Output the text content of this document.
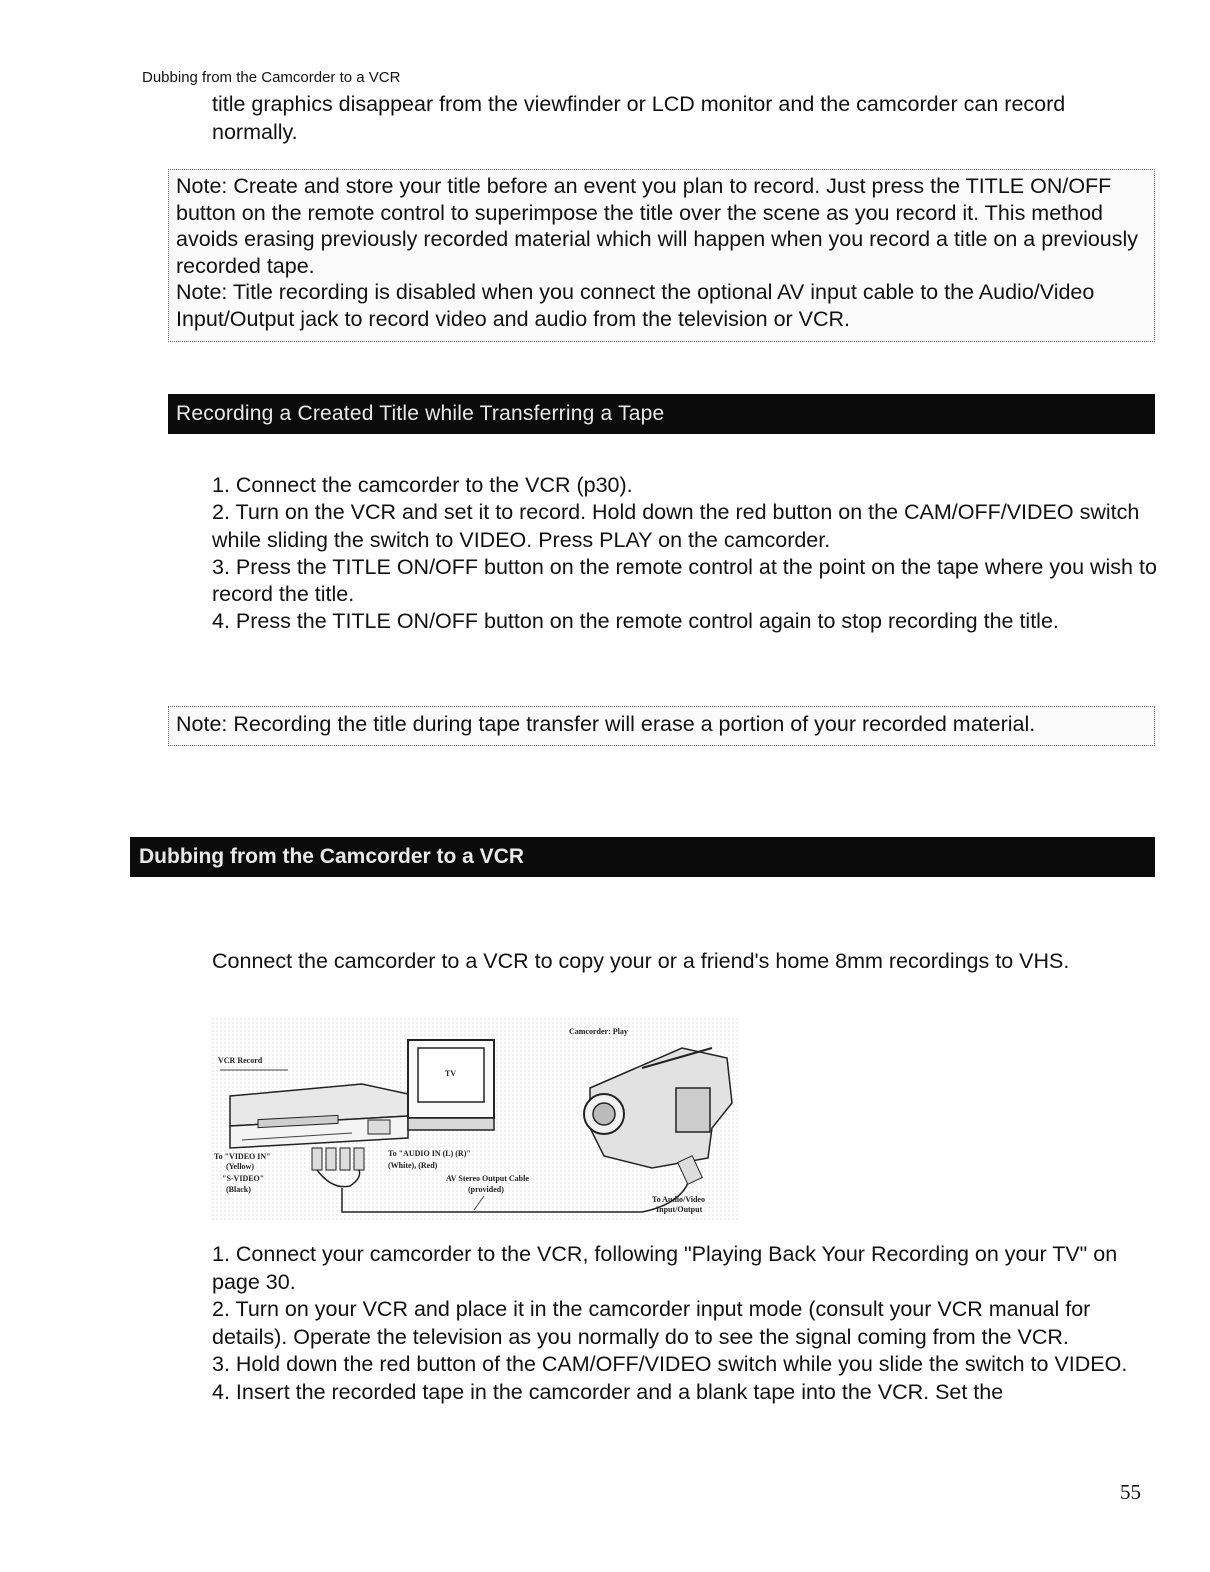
Dubbing from the Camcorder to a VCR
title graphics disappear from the viewfinder or LCD monitor and the camcorder can record normally.
Note: Create and store your title before an event you plan to record. Just press the TITLE ON/OFF button on the remote control to superimpose the title over the scene as you record it. This method avoids erasing previously recorded material which will happen when you record a title on a previously recorded tape.
Note: Title recording is disabled when you connect the optional AV input cable to the Audio/Video Input/Output jack to record video and audio from the television or VCR.
Recording a Created Title while Transferring a Tape
1. Connect the camcorder to the VCR (p30).
2. Turn on the VCR and set it to record. Hold down the red button on the CAM/OFF/VIDEO switch while sliding the switch to VIDEO. Press PLAY on the camcorder.
3. Press the TITLE ON/OFF button on the remote control at the point on the tape where you wish to record the title.
4. Press the TITLE ON/OFF button on the remote control again to stop recording the title.
Note: Recording the title during tape transfer will erase a portion of your recorded material.
Dubbing from the Camcorder to a VCR
Connect the camcorder to a VCR to copy your or a friend's home 8mm recordings to VHS.
VCR Record
TV
Camcorder: Play
To "VIDEO IN"
(Yellow)
"S-VIDEO"
(Black)
To "AUDIO IN (L) (R)"
(White), (Red)
AV Stereo Output Cable
(provided)
To Audio/Video
Input/Output
1. Connect your camcorder to the VCR, following "Playing Back Your Recording on your TV" on page 30.
2. Turn on your VCR and place it in the camcorder input mode (consult your VCR manual for details). Operate the television as you normally do to see the signal coming from the VCR.
3. Hold down the red button of the CAM/OFF/VIDEO switch while you slide the switch to VIDEO.
4. Insert the recorded tape in the camcorder and a blank tape into the VCR. Set the
55
